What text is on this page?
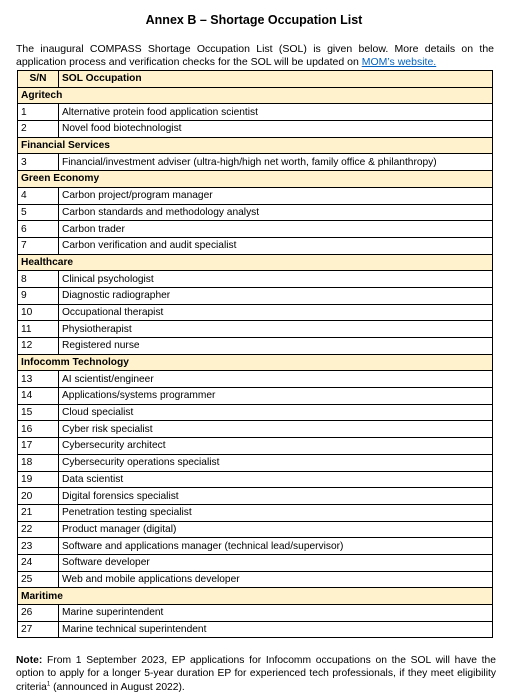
Annex B – Shortage Occupation List
The inaugural COMPASS Shortage Occupation List (SOL) is given below. More details on the application process and verification checks for the SOL will be updated on MOM’s website.
S/N	SOL Occupation
Agritech	
1	Alternative protein food application scientist
2	Novel food biotechnologist
Financial Services	
3	Financial/investment adviser (ultra-high/high net worth, family office & philanthropy)
Green Economy	
4	Carbon project/program manager
5	Carbon standards and methodology analyst
6	Carbon trader
7	Carbon verification and audit specialist
Healthcare	
8	Clinical psychologist
9	Diagnostic radiographer
10	Occupational therapist
11	Physiotherapist
12	Registered nurse
Infocomm Technology	
13	AI scientist/engineer
14	Applications/systems programmer
15	Cloud specialist
16	Cyber risk specialist
17	Cybersecurity architect
18	Cybersecurity operations specialist
19	Data scientist
20	Digital forensics specialist
21	Penetration testing specialist
22	Product manager (digital)
23	Software and applications manager (technical lead/supervisor)
24	Software developer
25	Web and mobile applications developer
Maritime	
26	Marine superintendent
27	Marine technical superintendent
Note: From 1 September 2023, EP applications for Infocomm occupations on the SOL will have the option to apply for a longer 5-year duration EP for experienced tech professionals, if they meet eligibility criteria$^1$ (announced in August 2022).
